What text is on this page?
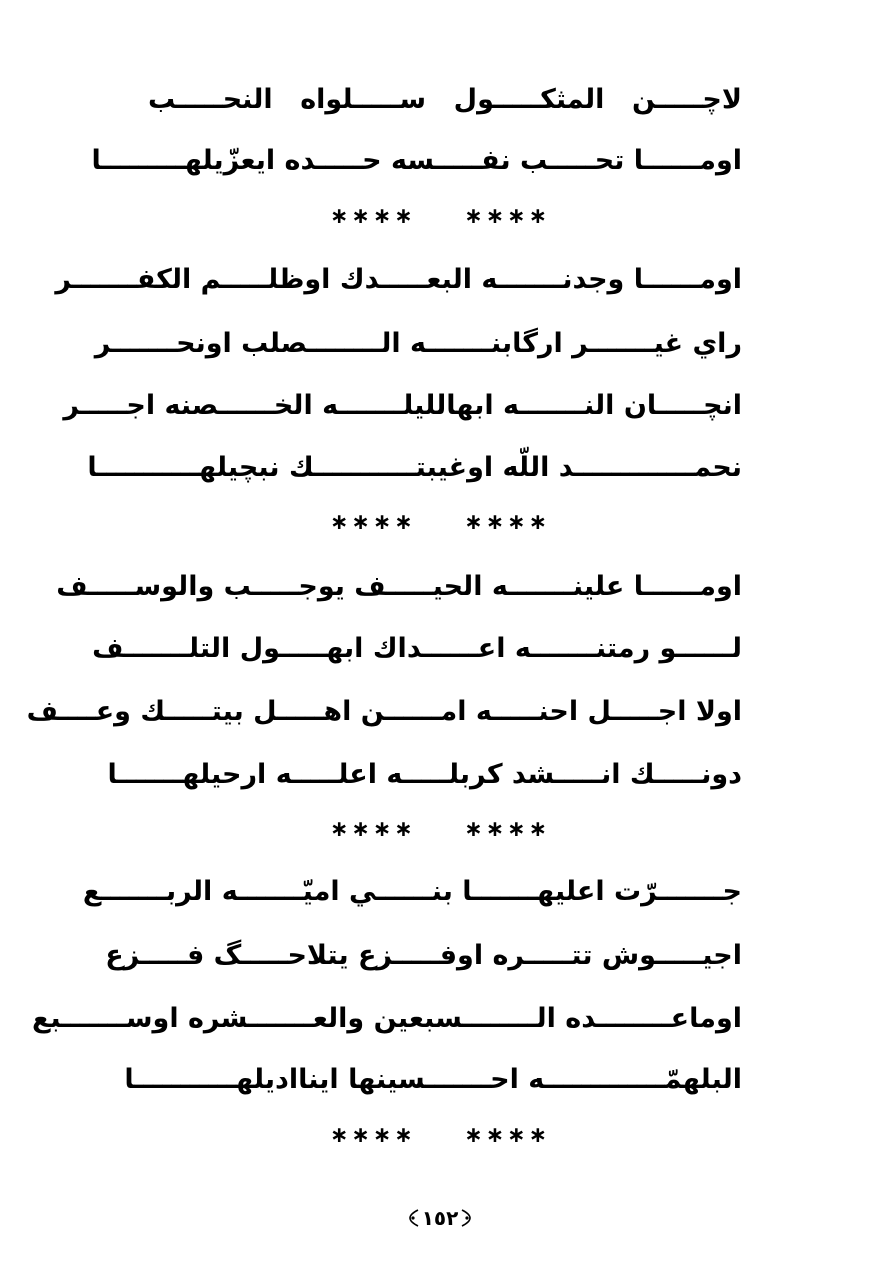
لاچـــــن المثكـــــول ســـــلواه النحـــــب
اومــــــا تحـــــب نفـــــسه حـــــده ايعزّيلهـــــــــا
∗∗∗∗ ∗∗∗∗
اومــــــا وجدنـــــــه البعـــــدك اوظلـــــم الكفـــــــر
راي غيـــــــر ارگابنـــــــه الــــــــصلب اونحـــــــر
انچـــــان النـــــــه ابهالليلـــــــه الخــــــصنه اجـــــر
نحمـــــــــــــد اللّه اوغيبتـــــــــــك نبچيلهـــــــــــا
∗∗∗∗ ∗∗∗∗
اومــــــا علينـــــــه الحيـــــف يوجـــــب والوســـــف
لــــــو رمتنـــــــه اعــــــداك ابهـــــول التلـــــــف
اولا اجـــــل احنـــــه امــــــن اهـــــل بيتـــــك وعــــف
دونـــــك انـــــشد كربلـــــه اعلـــــه ارحيلهـــــــا
∗∗∗∗ ∗∗∗∗
جـــــــرّت اعليهـــــــا بنــــــي اميّـــــــه الربـــــــع
اجيـــــوش تتـــــره اوفـــــزع يتلاحـــــگ فـــــزع
اوماعــــــــده الــــــــسبعين والعـــــــشره اوســـــــبع
البلهمّـــــــــــــه احـــــــسينها اينااديلهـــــــــــا
∗∗∗∗ ∗∗∗∗
١٥٢
